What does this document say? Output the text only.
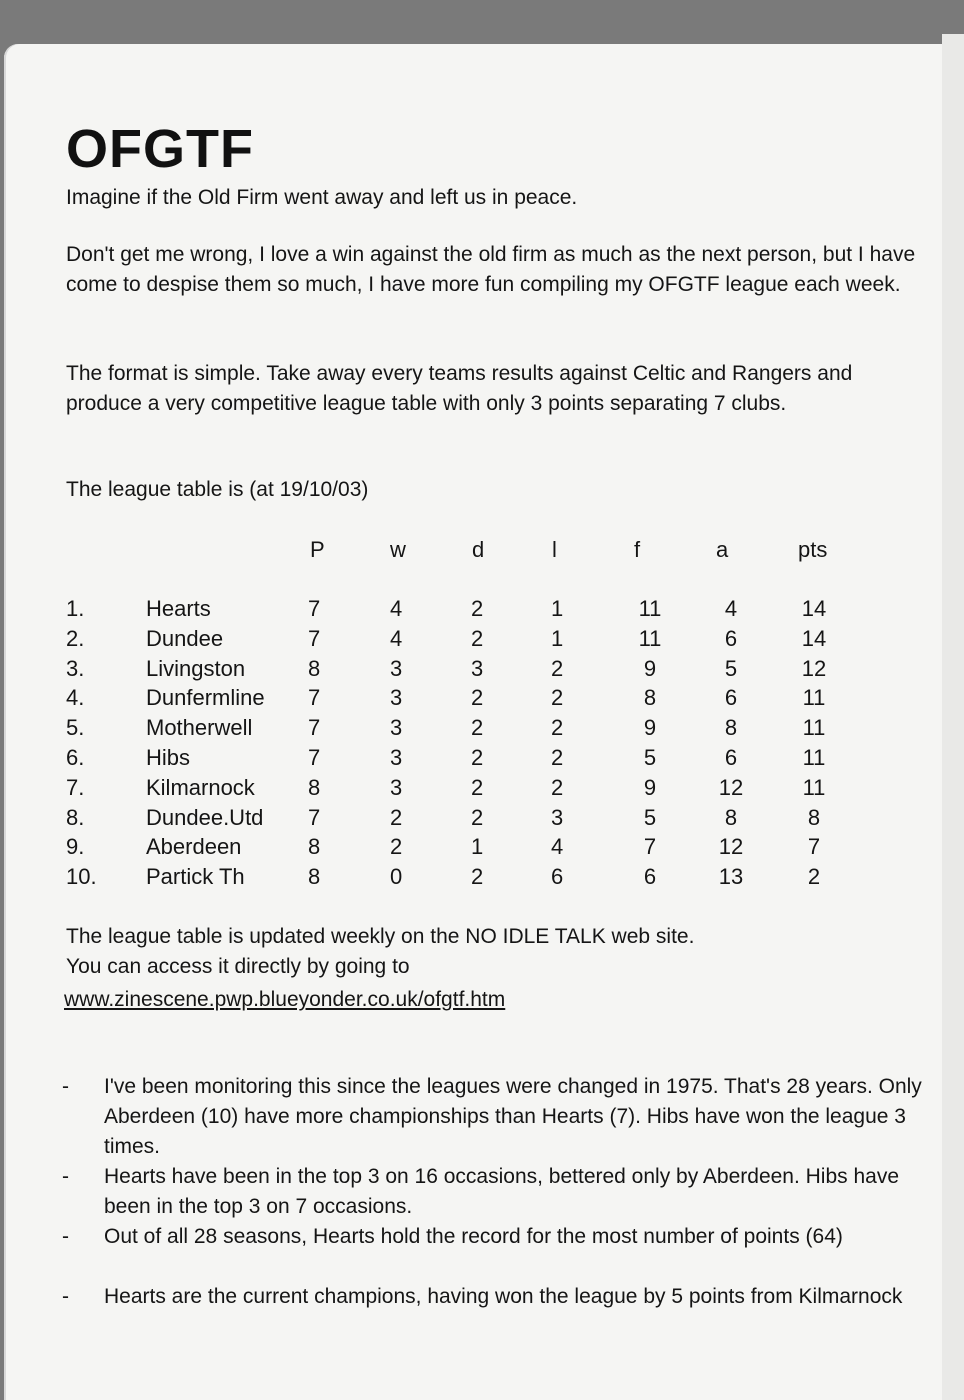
OFGTF

Imagine if the Old Firm went away and left us in peace.

Don't get me wrong, I love a win against the old firm as much as the next person, but I have come to despise them so much, I have more fun compiling my OFGTF league each week.

The format is simple. Take away every teams results against Celtic and Rangers and produce a very competitive league table with only 3 points separating 7 clubs.

The league table is (at 19/10/03)

P	w	d	l	f	a	pts
1.	Hearts	7	4	2	1	11	4	14
2.	Dundee	7	4	2	1	11	6	14
3.	Livingston	8	3	3	2	9	5	12
4.	Dunfermline 7	3	2	2	8	6	11
5.	Motherwell	7	3	2	2	9	8	11
6.	Hibs	7	3	2	2	5	6	11
7.	Kilmarnock 8	3	2	2	9	12	11
8.	Dundee.Utd 7	2	2	3	5	8	8
9.	Aberdeen	8	2	1	4	7	12	7
10. Partick Th	8	0	2	6	6	13	2

The league table is updated weekly on the NO IDLE TALK web site.

You can access it directly by going to

www.zinescene.pwp.blueyonder.co.uk/ofgtf.htm
- I've been monitoring this since the leagues were changed in 1975. That's 28 years. Only Aberdeen (10) have more championships than Hearts (7). Hibs have won the league 3 times.
- Hearts have been in the top 3 on 16 occasions, bettered only by Aberdeen. Hibs have been in the top 3 on 7 occasions.
- Out of all 28 seasons, Hearts hold the record for the most number of points (64)
- Hearts are the current champions, having won the league by 5 points from Kilmarnock
